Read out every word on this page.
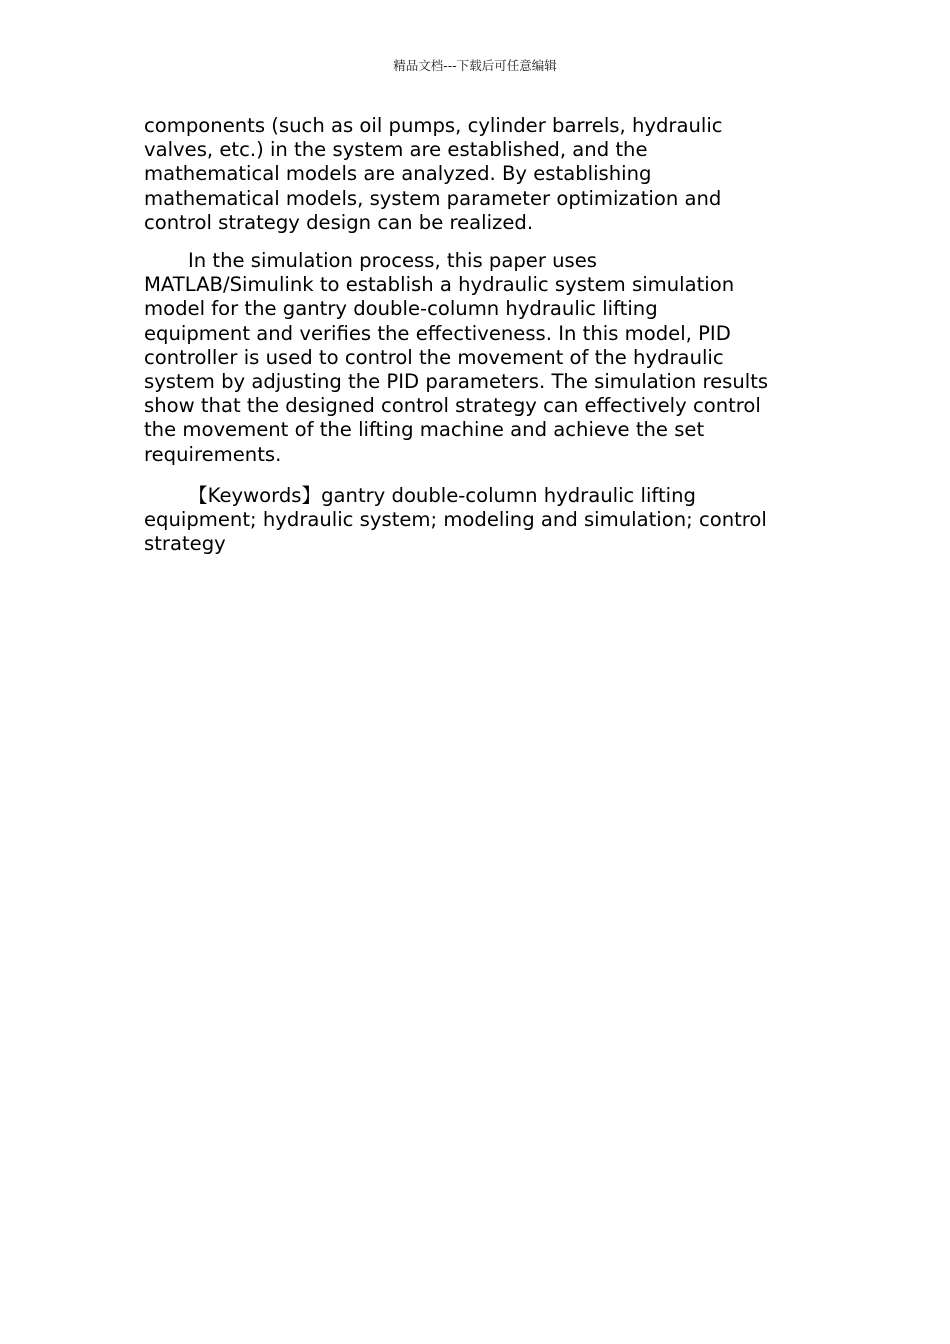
精品文档---下载后可任意编辑

components (such as oil pumps, cylinder barrels, hydraulic
valves, etc.) in the system are established, and the
mathematical models are analyzed. By establishing
mathematical models, system parameter optimization and
control strategy design can be realized.

In the simulation process, this paper uses
MATLAB/Simulink to establish a hydraulic system simulation
model for the gantry double-column hydraulic lifting
equipment and verifies the effectiveness. In this model, PID
controller is used to control the movement of the hydraulic
system by adjusting the PID parameters. The simulation results
show that the designed control strategy can effectively control
the movement of the lifting machine and achieve the set
requirements.

【Keywords】gantry double-column hydraulic lifting
equipment; hydraulic system; modeling and simulation; control
strategy
